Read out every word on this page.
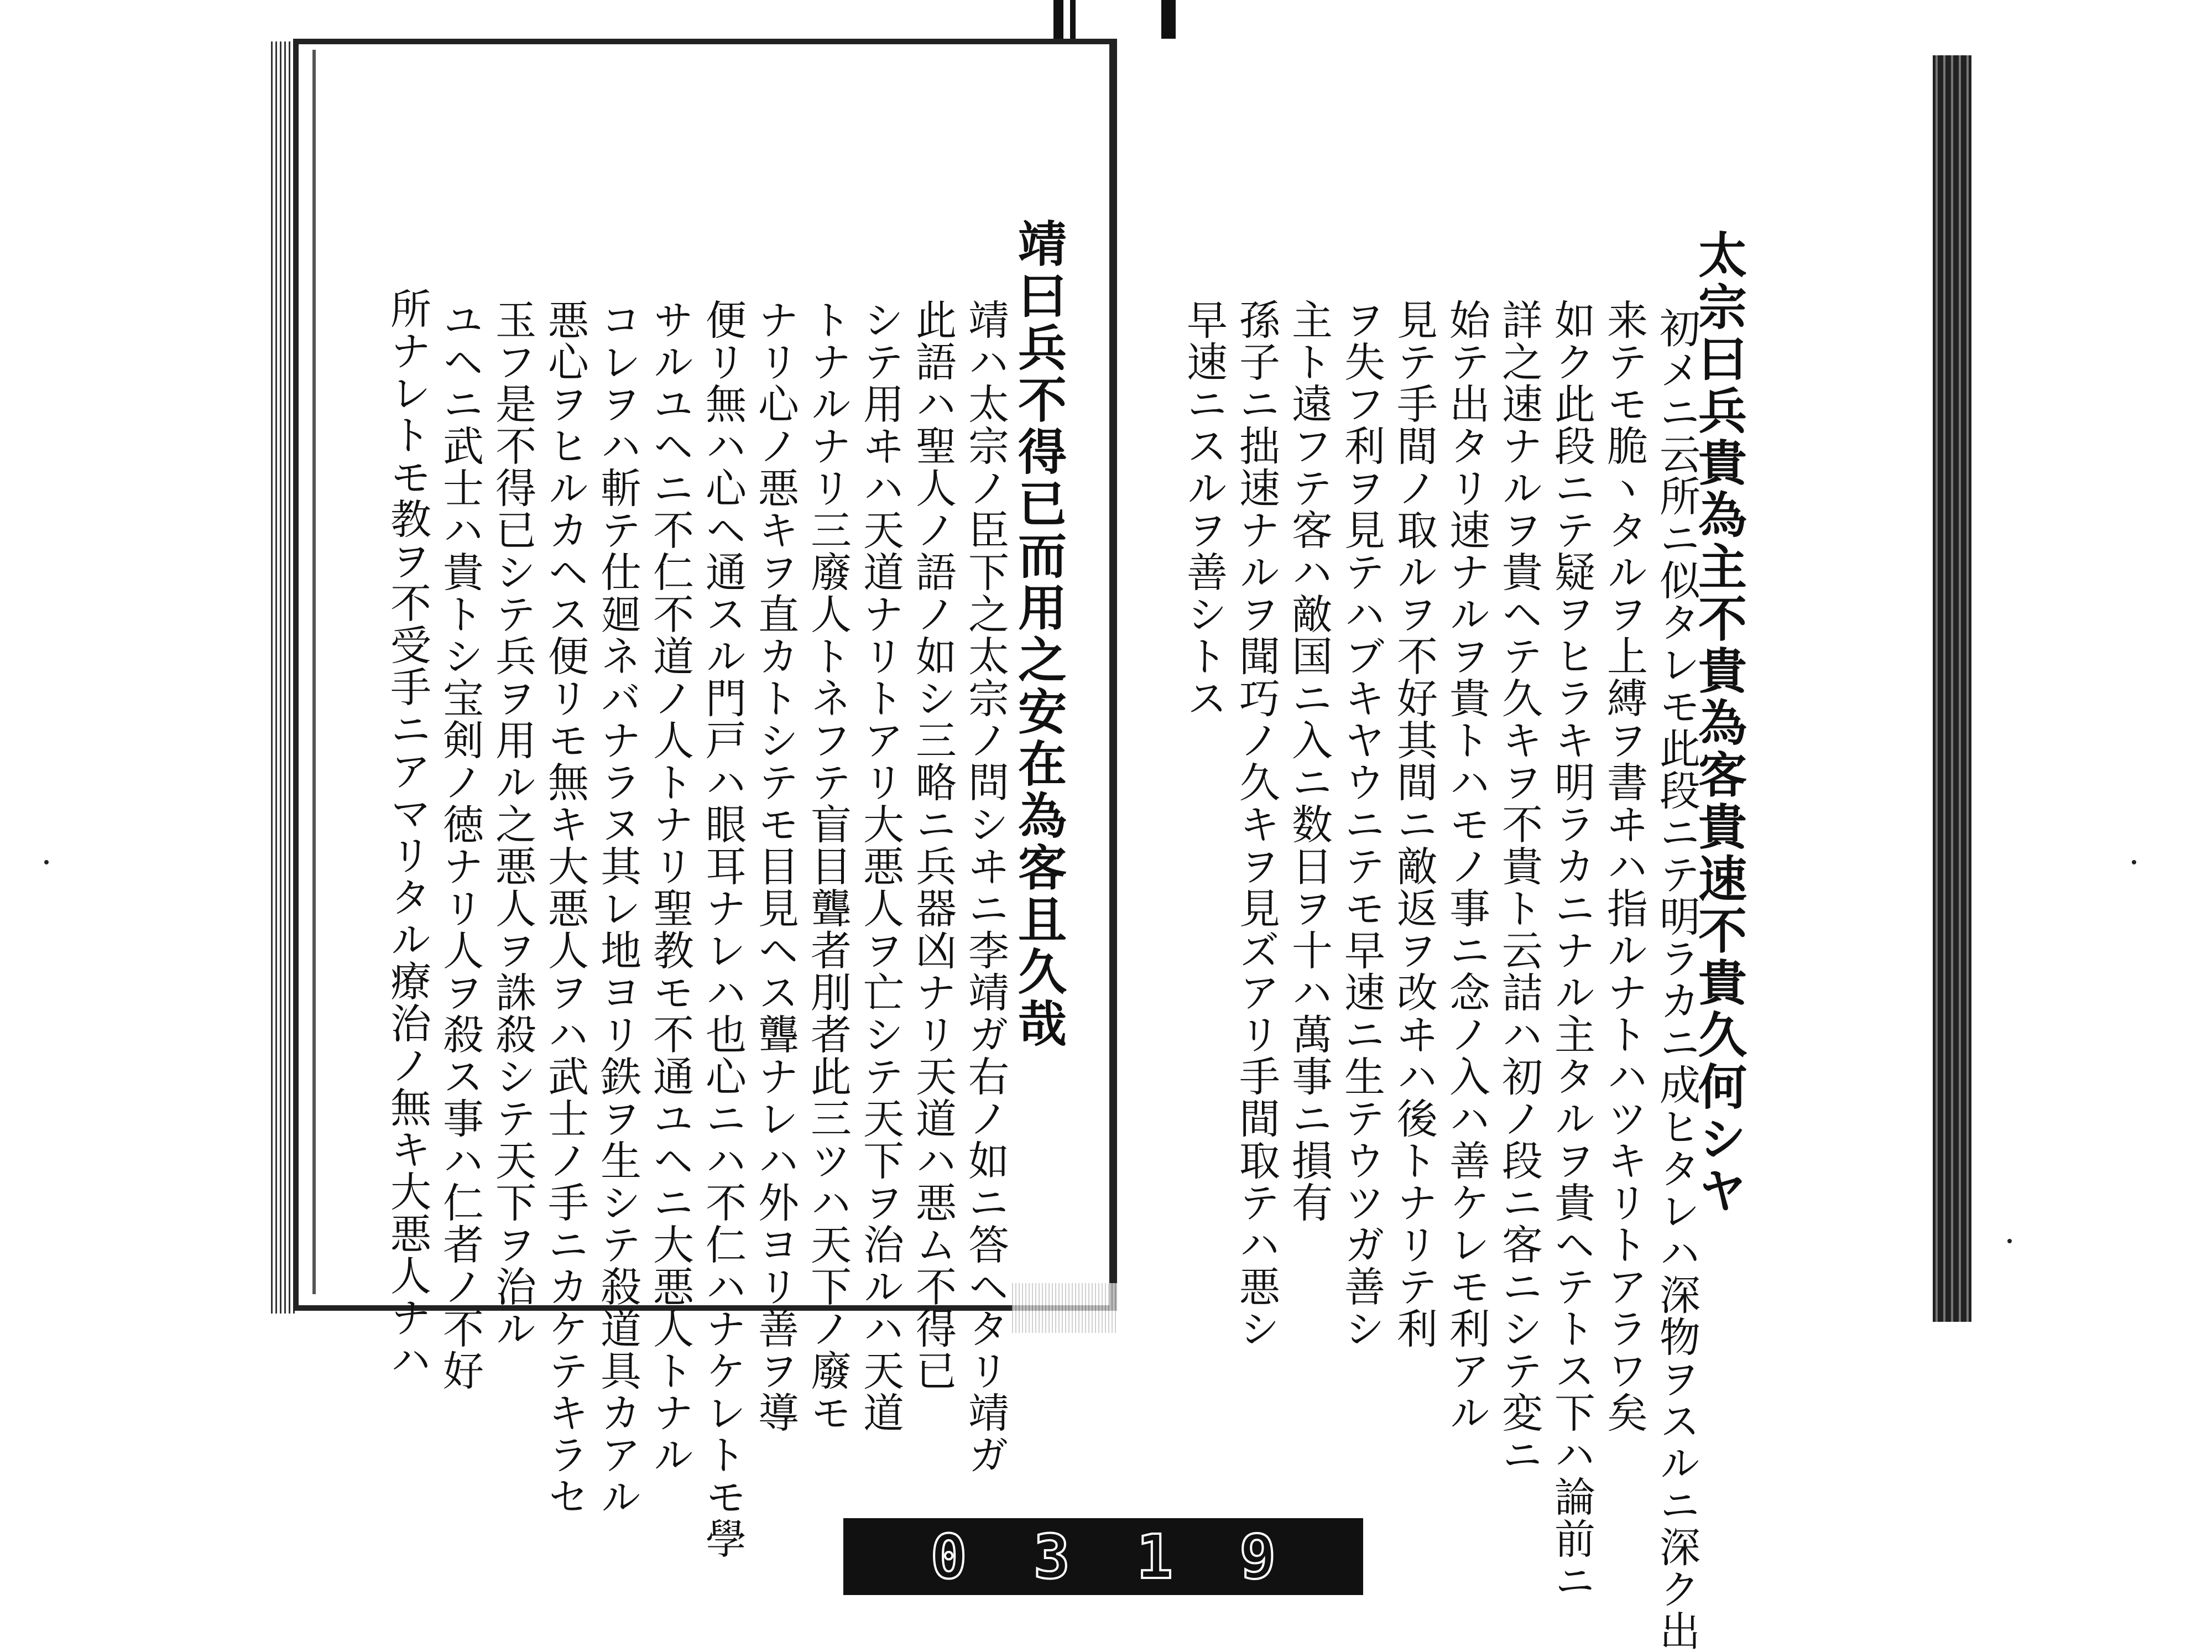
太宗曰兵貴為主不貴為客貴速不貴久何シヤ
初メニ云所ニ似タレモ此段ニテ明ラカニ成ヒタレハ深物ヲスルニ深ク出
来テモ脆ヽタルヲ上縛ヲ書ヰハ指ルナトハツキリトアラワ矣
如ク此段ニテ疑ヲヒラキ明ラカニナル主タルヲ貴ヘテトス下ハ論前ニ
詳之速ナルヲ貴ヘテ久キヲ不貴ト云詰ハ初ノ段ニ客ニシテ変ニ
始テ出タリ速ナルヲ貴トハモノ事ニ念ノ入ハ善ケレモ利アル
見テ手間ノ取ルヲ不好其間ニ敵返ヲ改ヰハ後トナリテ利
ヲ失フ利ヲ見テハブキヤウニテモ早速ニ生テウツガ善シ
主ト遠フテ客ハ敵国ニ入ニ数日ヲ十ハ萬事ニ損有
孫子ニ拙速ナルヲ聞巧ノ久キヲ見ズアリ手間取テハ悪シ
早速ニスルヲ善シトス
靖曰兵不得已而用之安在為客且久哉
靖ハ太宗ノ臣下之太宗ノ問シヰニ李靖ガ右ノ如ニ答ヘタリ靖ガ
此語ハ聖人ノ語ノ如シ三略ニ兵器凶ナリ天道ハ悪ム不得已
シテ用ヰハ天道ナリトアリ大悪人ヲ亡シテ天下ヲ治ルハ天道
トナルナリ三廢人トネフテ盲目聾者刖者此三ツハ天下ノ廢モ
ナリ心ノ悪キヲ直カトシテモ目見ヘス聾ナレハ外ヨリ善ヲ導
便リ無ハ心ヘ通スル門戸ハ眼耳ナレハ也心ニハ不仁ハナケレトモ學
サルユヘニ不仁不道ノ人トナリ聖教モ不通ユヘニ大悪人トナル
コレヲハ斬テ仕廻ネバナラヌ其レ地ヨリ鉄ヲ生シテ殺道具カアル
悪心ヲヒルカヘス便リモ無キ大悪人ヲハ武士ノ手ニカケテキラセ
玉フ是不得已シテ兵ヲ用ル之悪人ヲ誅殺シテ天下ヲ治ル
ユヘニ武士ハ貴トシ宝剣ノ徳ナリ人ヲ殺ス事ハ仁者ノ不好
所ナレトモ教ヲ不受手ニアマリタル療治ノ無キ大悪人ナハ
0319
